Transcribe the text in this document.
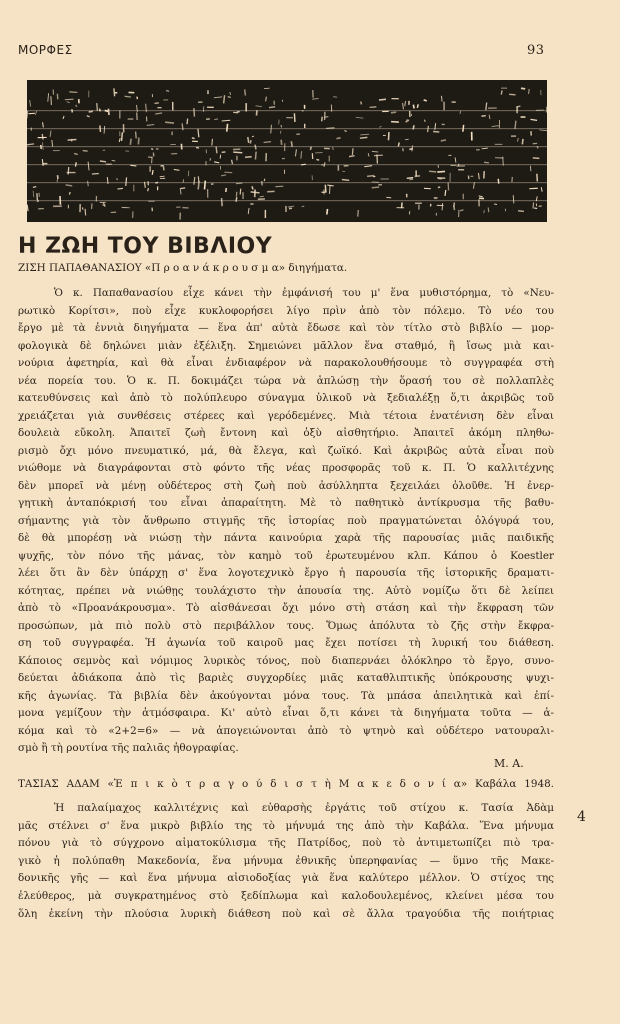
ΜΟΡΦΕΣ	93
Η ΖΩΗ ΤΟΥ ΒΙΒΛΙΟΥ
ΖΙΣΗ ΠΑΠΑΘΑΝΑΣΙΟΥ «Π ρ ο α ν ά κ ρ ο υ σ μ α» διηγήματα.
Ὁ κ. Παπαθανασίου εἶχε κάνει τὴν ἐμφάνισή του μ' ἕνα μυθιστόρημα, τὸ «Νευ-
ρωτικὸ Κορίτσι», ποὺ εἶχε κυκλοφορήσει λίγο πρὶν ἀπὸ τὸν πόλεμο. Τὸ νέο του
ἔργο μὲ τὰ ἐννιὰ διηγήματα — ἕνα ἀπ' αὐτὰ ἔδωσε καὶ τὸν τίτλο στὸ βιβλίο — μορ-
φολογικὰ δὲ δηλώνει μιὰν ἐξέλιξη. Σημειώνει μᾶλλον ἕνα σταθμό, ἢ ἴσως μιὰ και-
νούρια ἀφετηρία, καὶ θὰ εἶναι ἐνδιαφέρον νὰ παρακολουθήσουμε τὸ συγγραφέα στὴ
νέα πορεία του. Ὁ κ. Π. δοκιμάζει τώρα νὰ ἁπλώσῃ τὴν ὅρασή του σὲ πολλαπλὲς
κατευθύνσεις καὶ ἀπὸ τὸ πολύπλευρο σύναγμα ὑλικοῦ νὰ ξεδιαλέξῃ ὅ,τι ἀκριβῶς τοῦ
χρειάζεται γιὰ συνθέσεις στέρεες καὶ γερόδεμένες. Μιὰ τέτοια ἐνατένιση δὲν εἶναι
δουλειὰ εὔκολη. Ἀπαιτεῖ ζωὴ ἔντονη καὶ ὀξὺ αἰσθητήριο. Ἀπαιτεῖ ἀκόμη πληθω-
ρισμὸ ὄχι μόνο πνευματικό, μά, θὰ ἔλεγα, καὶ ζωϊκό. Καὶ ἀκριβῶς αὐτὰ εἶναι ποὺ
νιώθομε νὰ διαγράφονται στὸ φόντο τῆς νέας προσφορᾶς τοῦ κ. Π. Ὁ καλλιτέχνης
δὲν μπορεῖ νὰ μένῃ οὐδέτερος στὴ ζωὴ ποὺ ἀσύλληπτα ξεχειλάει ὁλοῦθε. Ἡ ἐνερ-
γητικὴ ἀνταπόκρισή του εἶναι ἀπαραίτητη. Μὲ τὸ παθητικὸ ἀντίκρυσμα τῆς βαθυ-
σήμαντης γιὰ τὸν ἄνθρωπο στιγμῆς τῆς ἱστορίας ποὺ πραγματώνεται ὁλόγυρά του,
δὲ θὰ μπορέσῃ νὰ νιώσῃ τὴν πάντα καινούρια χαρὰ τῆς παρουσίας μιᾶς παιδικῆς
ψυχῆς, τὸν πόνο τῆς μάνας, τὸν καημὸ τοῦ ἐρωτευμένου κλπ. Κάπου ὁ Koestler
λέει ὅτι ἂν δὲν ὑπάρχῃ σ' ἕνα λογοτεχνικὸ ἔργο ἡ παρουσία τῆς ἱστορικῆς δραματι-
κότητας, πρέπει νὰ νιώθῃς τουλάχιστο τὴν ἀπουσία της. Αὐτὸ νομίζω ὅτι δὲ λείπει
ἀπὸ τὸ «Προανάκρουσμα». Τὸ αἰσθάνεσαι ὄχι μόνο στὴ στάση καὶ τὴν ἔκφραση τῶν
προσώπων, μὰ πιὸ πολὺ στὸ περιβάλλον τους. Ὅμως ἀπόλυτα τὸ ζῆς στὴν ἔκφρα-
ση τοῦ συγγραφέα. Ἡ ἀγωνία τοῦ καιροῦ μας ἔχει ποτίσει τὴ λυρική του διάθεση.
Κάποιος σεμνὸς καὶ νόμιμος λυρικὸς τόνος, ποὺ διαπερνάει ὁλόκληρο τὸ ἔργο, συνο-
δεύεται ἀδιάκοπα ἀπὸ τὶς βαριὲς συγχορδίες μιᾶς καταθλιπτικῆς ὑπόκρουσης ψυχι-
κῆς ἀγωνίας. Τὰ βιβλία δὲν ἀκούγονται μόνα τους. Τὰ μπάσα ἀπειλητικὰ καὶ ἐπί-
μονα γεμίζουν τὴν ἀτμόσφαιρα. Κι' αὐτὸ εἶναι ὅ,τι κάνει τὰ διηγήματα τοῦτα — ἀ-
κόμα καὶ τὸ «2+2=6» — νὰ ἀπογειώνονται ἀπὸ τὸ ψτηνὸ καὶ οὐδέτερο νατουραλι-
σμὸ ἢ τὴ ρουτίνα τῆς παλιᾶς ἠθογραφίας.
Μ. Α.
ΤΑΣΙΑΣ ΑΔΑΜ «Ἐ π ι κ ὸ τ ρ α γ ο ύ δ ι σ τ ὴ Μ α κ ε δ ο ν ί α» Καβάλα 1948.
Ἡ παλαίμαχος καλλιτέχνις καὶ εὐθαρσὴς ἐργάτις τοῦ στίχου κ. Τασία Ἀδὰμ
μᾶς στέλνει σ' ἕνα μικρὸ βιβλίο της τὸ μήνυμά της ἀπὸ τὴν Καβάλα. Ἕνα μήνυμα
πόνου γιὰ τὸ σύγχρονο αἱματοκύλισμα τῆς Πατρίδος, ποὺ τὸ ἀντιμετωπίζει πιὸ τρα-
γικὸ ἡ πολύπαθη Μακεδονία, ἕνα μήνυμα ἐθνικῆς ὑπερηφανίας — ὕμνο τῆς Μακε-
δονικῆς γῆς — καὶ ἕνα μήνυμα αἰσιοδοξίας γιὰ ἕνα καλύτερο μέλλον. Ὁ στίχος της
ἐλεύθερος, μὰ συγκρατημένος στὸ ξεδίπλωμα καὶ καλοδουλεμένος, κλείνει μέσα του
ὅλη ἐκείνη τὴν πλούσια λυρικὴ διάθεση ποὺ καὶ σὲ ἄλλα τραγούδια τῆς ποιήτριας
4
